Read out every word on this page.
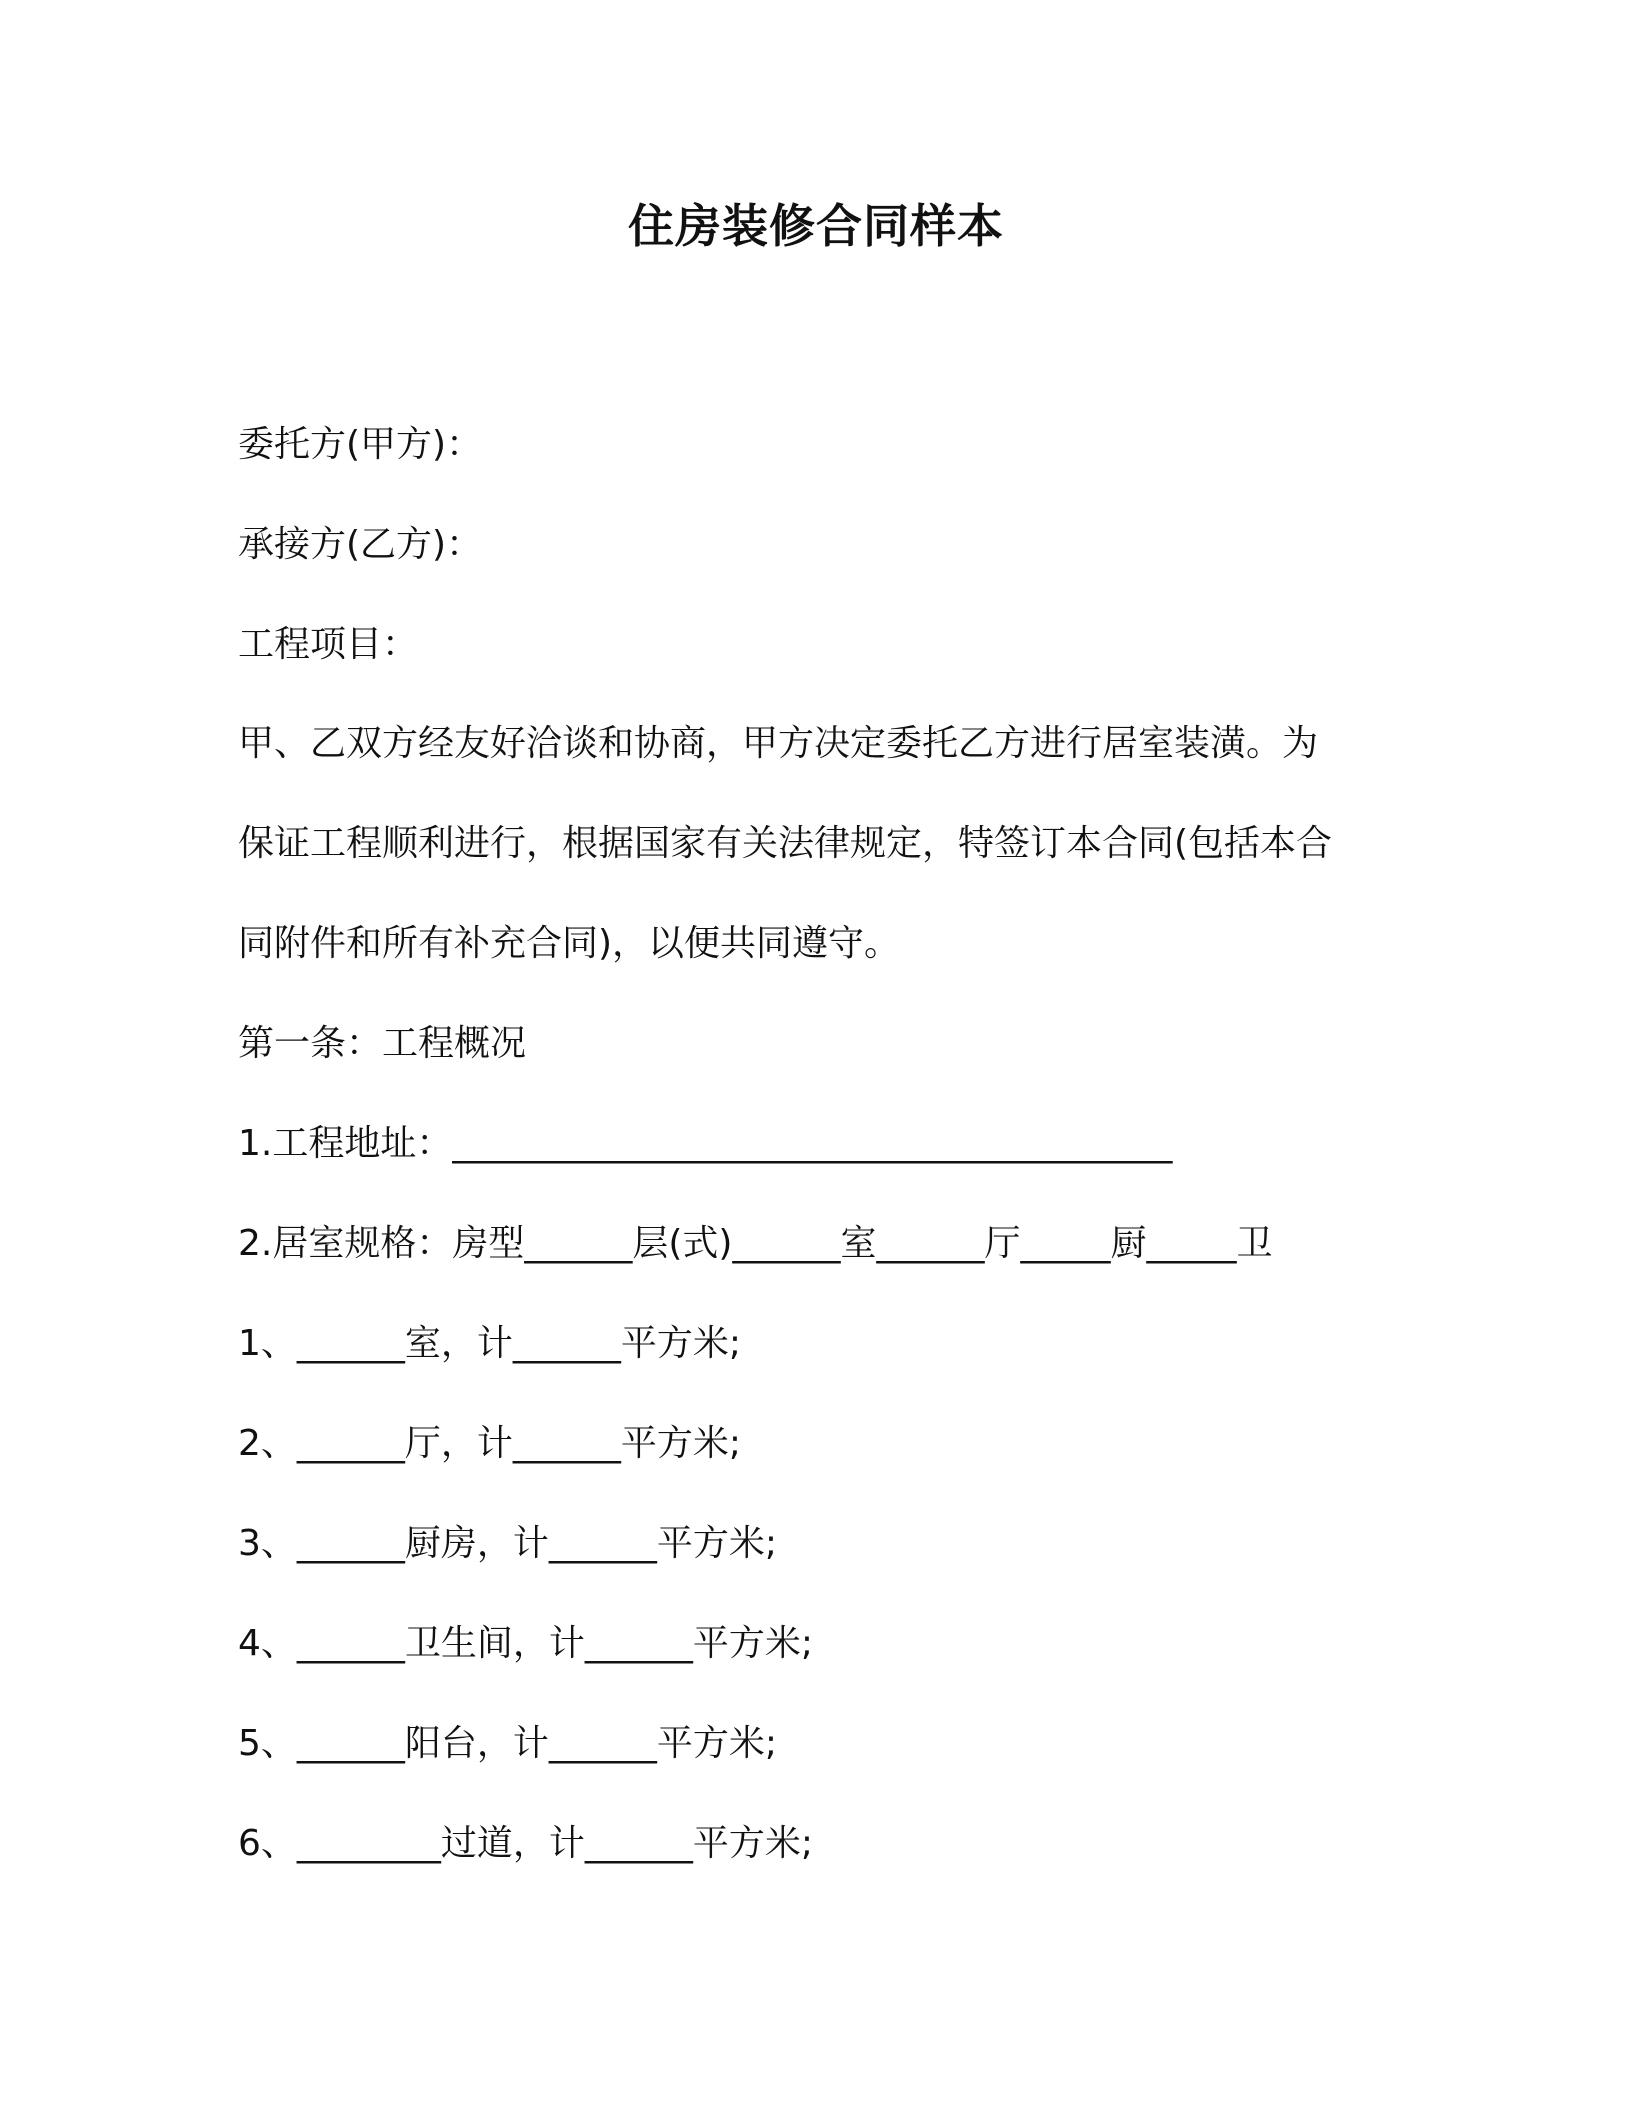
住房装修合同样本
委托方(甲方)：
承接方(乙方)：
工程项目：
甲、乙双方经友好洽谈和协商，甲方决定委托乙方进行居室装潢。为
保证工程顺利进行，根据国家有关法律规定，特签订本合同(包括本合
同附件和所有补充合同)，以便共同遵守。
第一条：工程概况
1.工程地址：________________________________________
2.居室规格：房型______层(式)______室______厅_____厨_____卫
1、______室，计______平方米;
2、______厅，计______平方米;
3、______厨房，计______平方米;
4、______卫生间，计______平方米;
5、______阳台，计______平方米;
6、________过道，计______平方米;
